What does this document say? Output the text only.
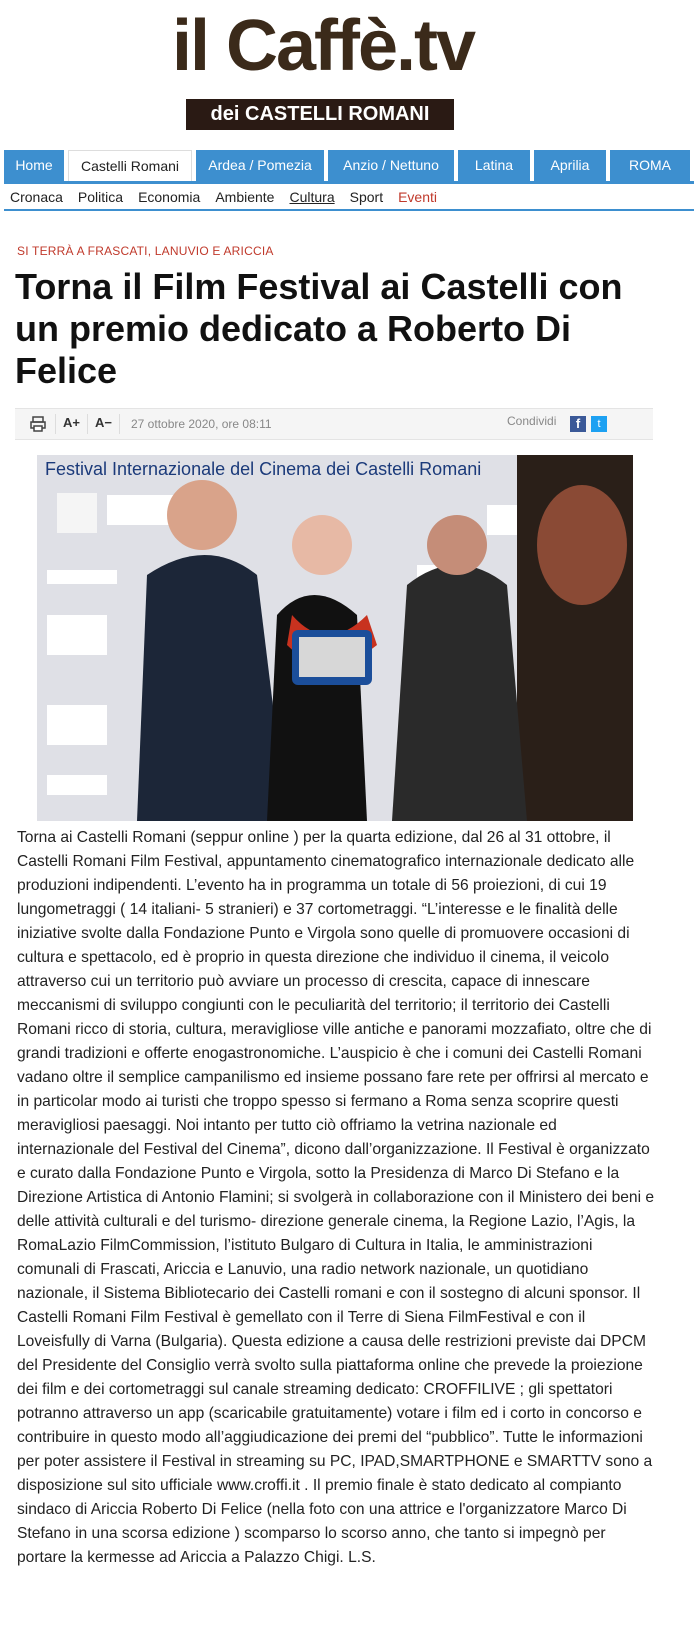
il Caffè.tv
dei CASTELLI ROMANI
Home	Castelli Romani	Ardea / Pomezia	Anzio / Nettuno	Latina	Aprilia	ROMA
Cronaca Politica Economia Ambiente Cultura Sport Eventi
SI TERRÀ A FRASCATI, LANUVIO E ARICCIA
Torna il Film Festival ai Castelli con un premio dedicato a Roberto Di Felice
A+ A− 27 ottobre 2020, ore 08:11	Condividi	f	t
Festival Internazionale del Cinema dei Castelli Romani

Torna ai Castelli Romani (seppur online ) per la quarta edizione, dal 26 al 31 ottobre, il Castelli Romani Film Festival, appuntamento cinematografico internazionale dedicato alle produzioni indipendenti. L’evento ha in programma un totale di 56 proiezioni, di cui 19 lungometraggi ( 14 italiani- 5 stranieri) e 37 cortometraggi. “L’interesse e le finalità delle iniziative svolte dalla Fondazione Punto e Virgola sono quelle di promuovere occasioni di cultura e spettacolo, ed è proprio in questa direzione che individuo il cinema, il veicolo attraverso cui un territorio può avviare un processo di crescita, capace di innescare meccanismi di sviluppo congiunti con le peculiarità del territorio; il territorio dei Castelli Romani ricco di storia, cultura, meravigliose ville antiche e panorami mozzafiato, oltre che di grandi tradizioni e offerte enogastronomiche. L’auspicio è che i comuni dei Castelli Romani vadano oltre il semplice campanilismo ed insieme possano fare rete per offrirsi al mercato e in particolar modo ai turisti che troppo spesso si fermano a Roma senza scoprire questi meravigliosi paesaggi. Noi intanto per tutto ciò offriamo la vetrina nazionale ed internazionale del Festival del Cinema”, dicono dall’organizzazione. Il Festival è organizzato e curato dalla Fondazione Punto e Virgola, sotto la Presidenza di Marco Di Stefano e la Direzione Artistica di Antonio Flamini; si svolgerà in collaborazione con il Ministero dei beni e delle attività culturali e del turismo- direzione generale cinema, la Regione Lazio, l’Agis, la RomaLazio FilmCommission, l’istituto Bulgaro di Cultura in Italia, le amministrazioni comunali di Frascati, Ariccia e Lanuvio, una radio network nazionale, un quotidiano nazionale, il Sistema Bibliotecario dei Castelli romani e con il sostegno di alcuni sponsor. Il Castelli Romani Film Festival è gemellato con il Terre di Siena FilmFestival e con il Loveisfully di Varna (Bulgaria). Questa edizione a causa delle restrizioni previste dai DPCM del Presidente del Consiglio verrà svolto sulla piattaforma online che prevede la proiezione dei film e dei cortometraggi sul canale streaming dedicato: CROFFILIVE ; gli spettatori potranno attraverso un app (scaricabile gratuitamente) votare i film ed i corto in concorso e contribuire in questo modo all’aggiudicazione dei premi del “pubblico”. Tutte le informazioni per poter assistere il Festival in streaming su PC, IPAD,SMARTPHONE e SMARTTV sono a disposizione sul sito ufficiale www.croffi.it . Il premio finale è stato dedicato al compianto sindaco di Ariccia Roberto Di Felice (nella foto con una attrice e l'organizzatore Marco Di Stefano in una scorsa edizione ) scomparso lo scorso anno, che tanto si impegnò per portare la kermesse ad Ariccia a Palazzo Chigi. L.S.
